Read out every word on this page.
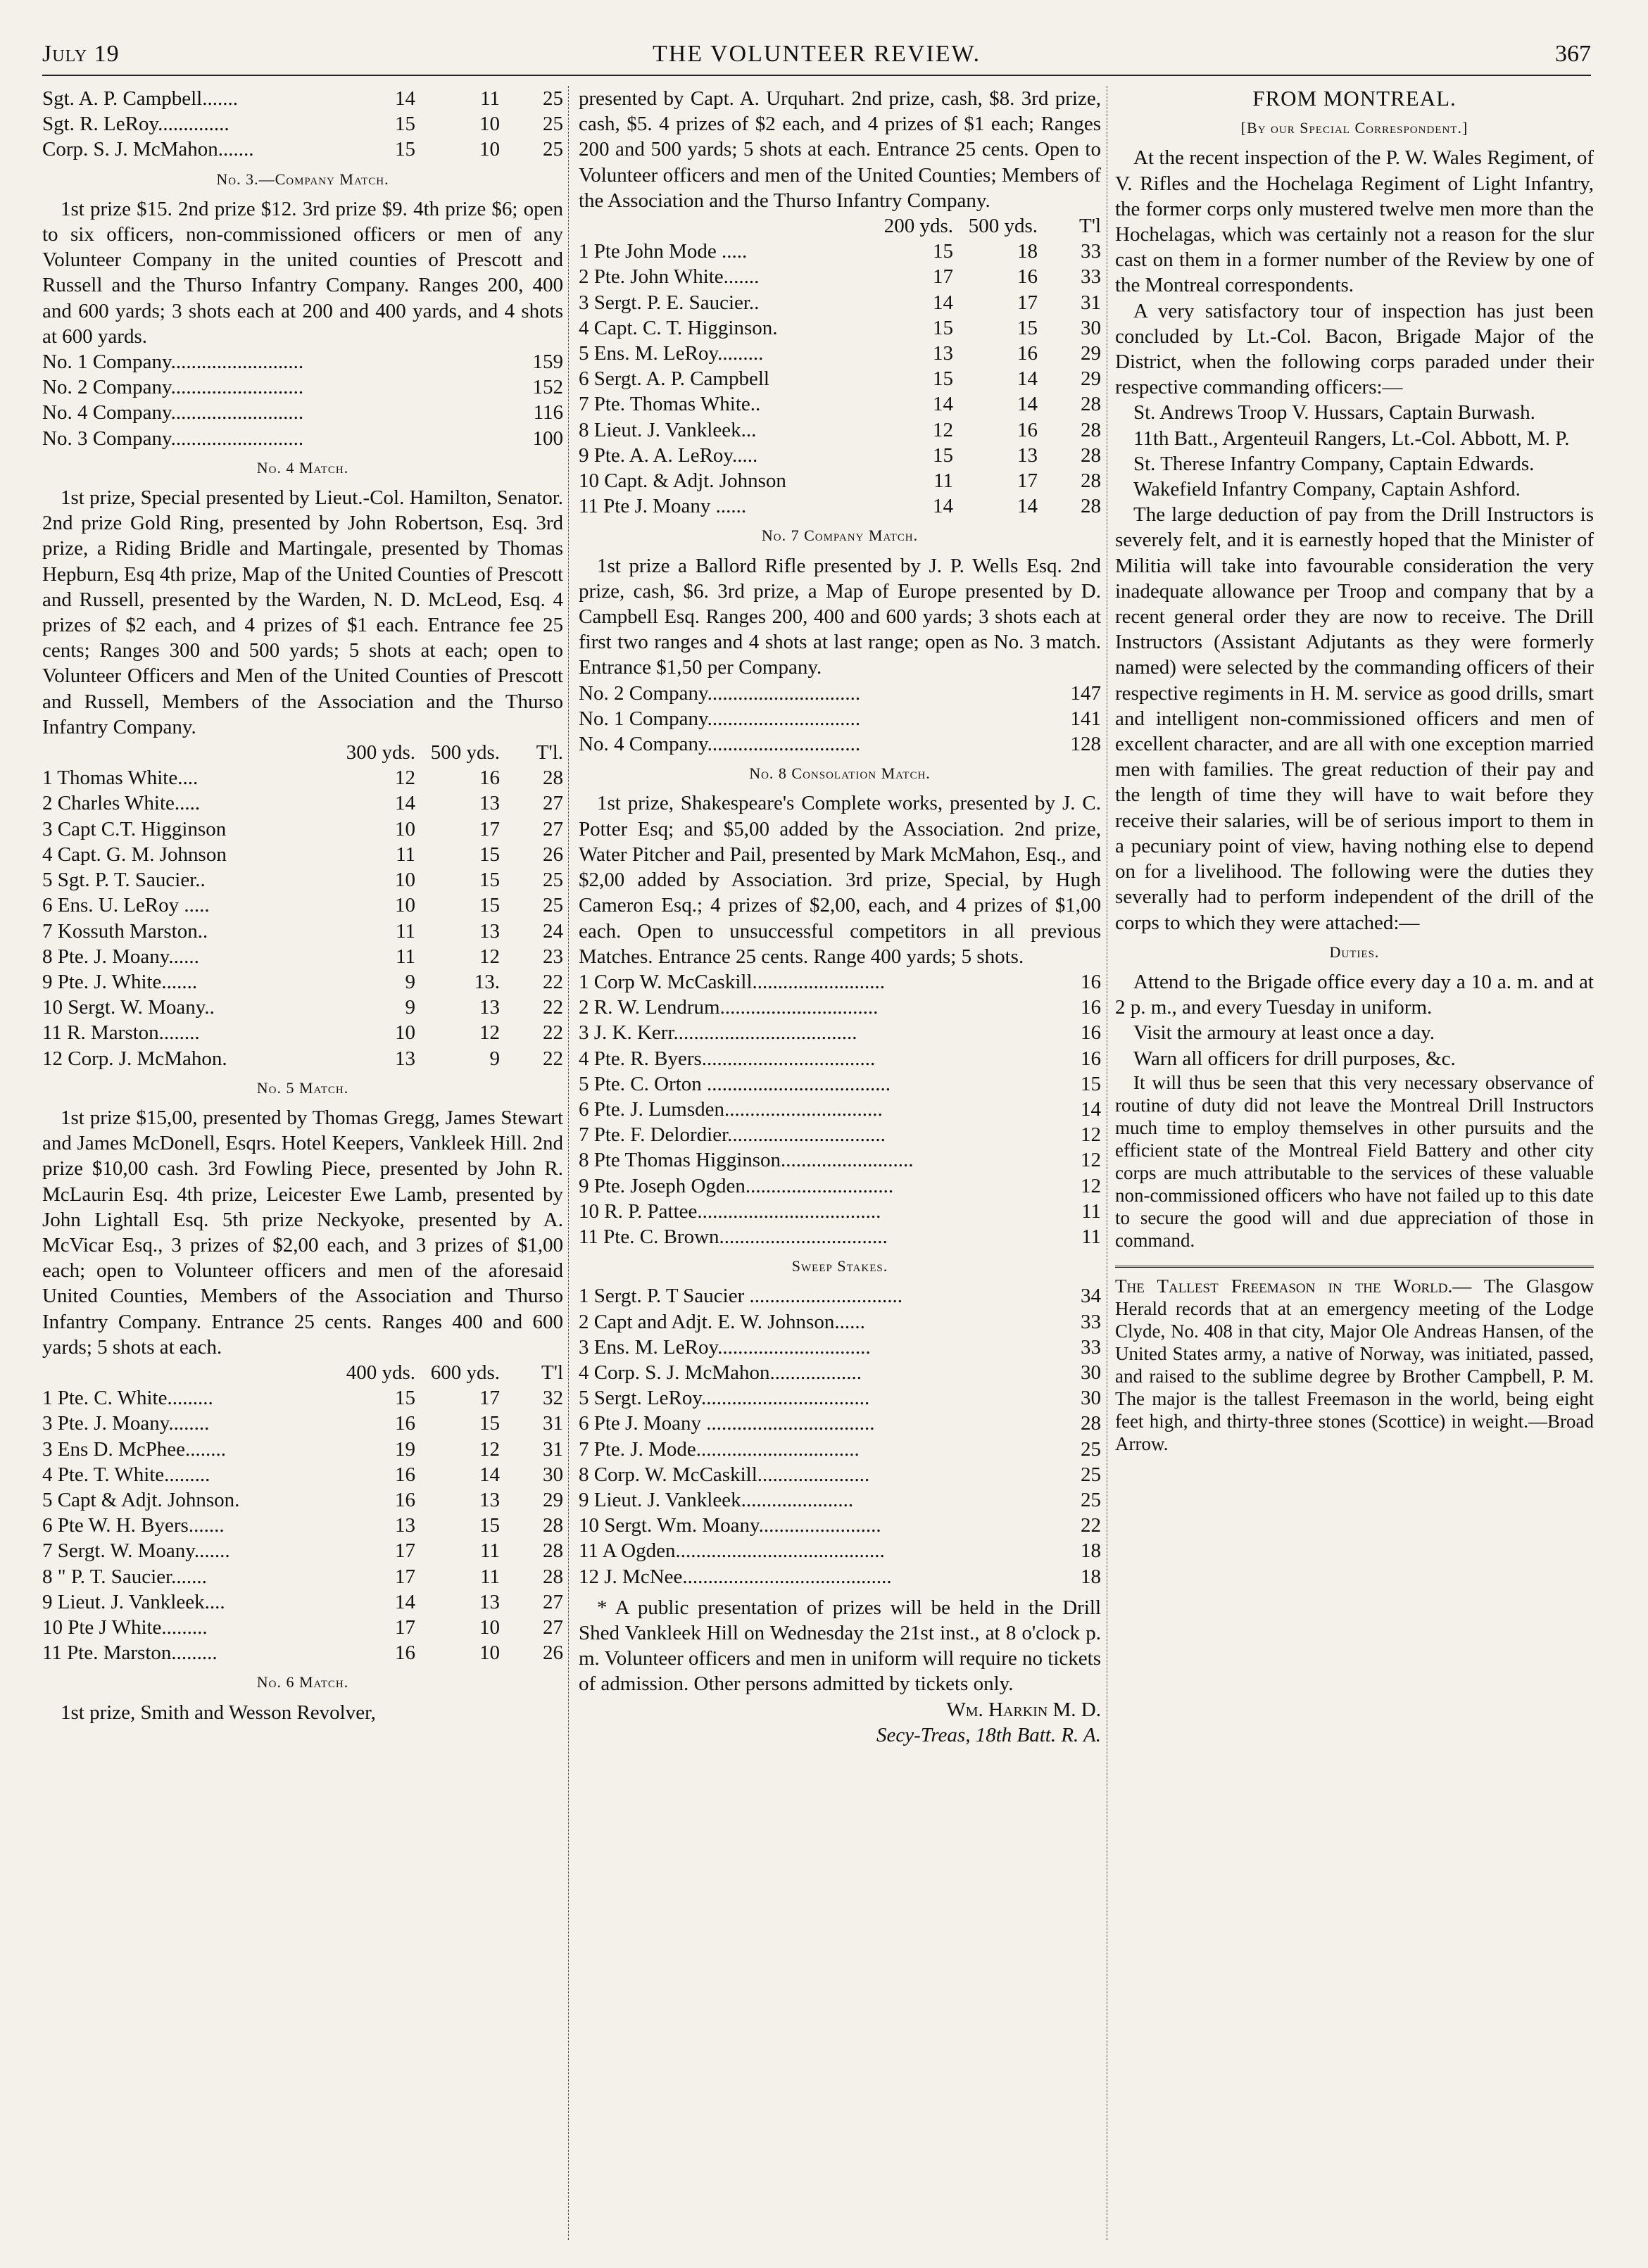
July 19	THE VOLUNTEER REVIEW.	367
Sgt. A. P. Campbell.......	14	11	25
Sgt. R. LeRoy..............	15	10	25
Corp. S. J. McMahon.......	15	10	25

No. 3.—Company Match.

1st prize $15. 2nd prize $12. 3rd prize $9. 4th prize $6; open to six officers, non-commissioned officers or men of any Volunteer Company in the united counties of Prescott and Russell and the Thurso Infantry Company. Ranges 200, 400 and 600 yards; 3 shots each at 200 and 400 yards, and 4 shots at 600 yards.

No. 1 Company..........................	159
No. 2 Company..........................	152
No. 4 Company..........................	116
No. 3 Company..........................	100

No. 4 Match.

1st prize, Special presented by Lieut.-Col. Hamilton, Senator. 2nd prize Gold Ring, presented by John Robertson, Esq. 3rd prize, a Riding Bridle and Martingale, presented by Thomas Hepburn, Esq 4th prize, Map of the United Counties of Prescott and Russell, presented by the Warden, N. D. McLeod, Esq. 4 prizes of $2 each, and 4 prizes of $1 each. Entrance fee 25 cents; Ranges 300 and 500 yards; 5 shots at each; open to Volunteer Officers and Men of the United Counties of Prescott and Russell, Members of the Association and the Thurso Infantry Company.

300 yds. 500 yds.	T'l.
1 Thomas White....	12	16	28
2 Charles White.....	14	13	27
3 Capt C.T. Higginson	10	17	27
4 Capt. G. M. Johnson	11	15	26
5 Sgt. P. T. Saucier..	10	15	25
6 Ens. U. LeRoy .....	10	15	25
7 Kossuth Marston..	11	13	24
8 Pte. J. Moany......	11	12	23
9 Pte. J. White.......	9	13.	22
10 Sergt. W. Moany..	9	13	22
11 R. Marston........	10	12	22
12 Corp. J. McMahon.	13	9	22

No. 5 Match.

1st prize $15,00, presented by Thomas Gregg, James Stewart and James McDonell, Esqrs. Hotel Keepers, Vankleek Hill. 2nd prize $10,00 cash. 3rd Fowling Piece, presented by John R. McLaurin Esq. 4th prize, Leicester Ewe Lamb, presented by John Lightall Esq. 5th prize Neckyoke, presented by A. McVicar Esq., 3 prizes of $2,00 each, and 3 prizes of $1,00 each; open to Volunteer officers and men of the aforesaid United Counties, Members of the Association and Thurso Infantry Company. Entrance 25 cents. Ranges 400 and 600 yards; 5 shots at each.

400 yds. 600 yds.	T'l
1 Pte. C. White.........	15	17	32
3 Pte. J. Moany........	16	15	31
3 Ens D. McPhee........	19	12	31
4 Pte. T. White.........	16	14	30
5 Capt & Adjt. Johnson.	16	13	29
6 Pte W. H. Byers.......	13	15	28
7 Sergt. W. Moany.......	17	11	28
8 " P. T. Saucier.......	17	11	28
9 Lieut. J. Vankleek....	14	13	27
10 Pte J White.........	17	10	27
11 Pte. Marston.........	16	10	26

No. 6 Match.

1st prize, Smith and Wesson Revolver,

presented by Capt. A. Urquhart. 2nd prize, cash, $8. 3rd prize, cash, $5. 4 prizes of $2 each, and 4 prizes of $1 each; Ranges 200 and 500 yards; 5 shots at each. Entrance 25 cents. Open to Volunteer officers and men of the United Counties; Members of the Association and the Thurso Infantry Company.

200 yds. 500 yds.	T'l
1 Pte John Mode .....	15	18	33
2 Pte. John White.......	17	16	33
3 Sergt. P. E. Saucier..	14	17	31
4 Capt. C. T. Higginson.	15	15	30
5 Ens. M. LeRoy.........	13	16	29
6 Sergt. A. P. Campbell	15	14	29
7 Pte. Thomas White..	14	14	28
8 Lieut. J. Vankleek...	12	16	28
9 Pte. A. A. LeRoy.....	15	13	28
10 Capt. & Adjt. Johnson	11	17	28
11 Pte J. Moany ......	14	14	28

No. 7 Company Match.

1st prize a Ballord Rifle presented by J. P. Wells Esq. 2nd prize, cash, $6. 3rd prize, a Map of Europe presented by D. Campbell Esq. Ranges 200, 400 and 600 yards; 3 shots each at first two ranges and 4 shots at last range; open as No. 3 match. Entrance $1,50 per Company.

No. 2 Company..............................	147
No. 1 Company..............................	141
No. 4 Company..............................	128

No. 8 Consolation Match.

1st prize, Shakespeare's Complete works, presented by J. C. Potter Esq; and $5,00 added by the Association. 2nd prize, Water Pitcher and Pail, presented by Mark McMahon, Esq., and $2,00 added by Association. 3rd prize, Special, by Hugh Cameron Esq.; 4 prizes of $2,00, each, and 4 prizes of $1,00 each. Open to unsuccessful competitors in all previous Matches. Entrance 25 cents. Range 400 yards; 5 shots.

1 Corp W. McCaskill..........................	16
2 R. W. Lendrum...............................	16
3 J. K. Kerr....................................	16
4 Pte. R. Byers..................................	16
5 Pte. C. Orton ....................................	15
6 Pte. J. Lumsden...............................	14
7 Pte. F. Delordier...............................	12
8 Pte Thomas Higginson..........................	12
9 Pte. Joseph Ogden.............................	12
10 R. P. Pattee....................................	11
11 Pte. C. Brown.................................	11

Sweep Stakes.

1 Sergt. P. T Saucier ..............................	34
2 Capt and Adjt. E. W. Johnson......	33
3 Ens. M. LeRoy..............................	33
4 Corp. S. J. McMahon..................	30
5 Sergt. LeRoy.................................	30
6 Pte J. Moany .................................	28
7 Pte. J. Mode................................	25
8 Corp. W. McCaskill......................	25
9 Lieut. J. Vankleek......................	25
10 Sergt. Wm. Moany........................	22
11 A Ogden.........................................	18
12 J. McNee.........................................	18

* A public presentation of prizes will be held in the Drill Shed Vankleek Hill on Wednesday the 21st inst., at 8 o'clock p. m. Volunteer officers and men in uniform will require no tickets of admission. Other persons admitted by tickets only.

Wm. Harkin M. D.

Secy-Treas, 18th Batt. R. A.

FROM MONTREAL.

[By our Special Correspondent.]

At the recent inspection of the P. W. Wales Regiment, of V. Rifles and the Hochelaga Regiment of Light Infantry, the former corps only mustered twelve men more than the Hochelagas, which was certainly not a reason for the slur cast on them in a former number of the Review by one of the Montreal correspondents.

A very satisfactory tour of inspection has just been concluded by Lt.-Col. Bacon, Brigade Major of the District, when the following corps paraded under their respective commanding officers:—

St. Andrews Troop V. Hussars, Captain Burwash.

11th Batt., Argenteuil Rangers, Lt.-Col. Abbott, M. P.

St. Therese Infantry Company, Captain Edwards.

Wakefield Infantry Company, Captain Ashford.

The large deduction of pay from the Drill Instructors is severely felt, and it is earnestly hoped that the Minister of Militia will take into favourable consideration the very inadequate allowance per Troop and company that by a recent general order they are now to receive. The Drill Instructors (Assistant Adjutants as they were formerly named) were selected by the commanding officers of their respective regiments in H. M. service as good drills, smart and intelligent non-commissioned officers and men of excellent character, and are all with one exception married men with families. The great reduction of their pay and the length of time they will have to wait before they receive their salaries, will be of serious import to them in a pecuniary point of view, having nothing else to depend on for a livelihood. The following were the duties they severally had to perform independent of the drill of the corps to which they were attached:—

Duties.

Attend to the Brigade office every day a 10 a. m. and at 2 p. m., and every Tuesday in uniform.

Visit the armoury at least once a day.

Warn all officers for drill purposes, &c.

It will thus be seen that this very necessary observance of routine of duty did not leave the Montreal Drill Instructors much time to employ themselves in other pursuits and the efficient state of the Montreal Field Battery and other city corps are much attributable to the services of these valuable non-commissioned officers who have not failed up to this date to secure the good will and due appreciation of those in command.

The Tallest Freemason in the World.— The Glasgow Herald records that at an emergency meeting of the Lodge Clyde, No. 408 in that city, Major Ole Andreas Hansen, of the United States army, a native of Norway, was initiated, passed, and raised to the sublime degree by Brother Campbell, P. M. The major is the tallest Freemason in the world, being eight feet high, and thirty-three stones (Scottice) in weight.—Broad Arrow.
